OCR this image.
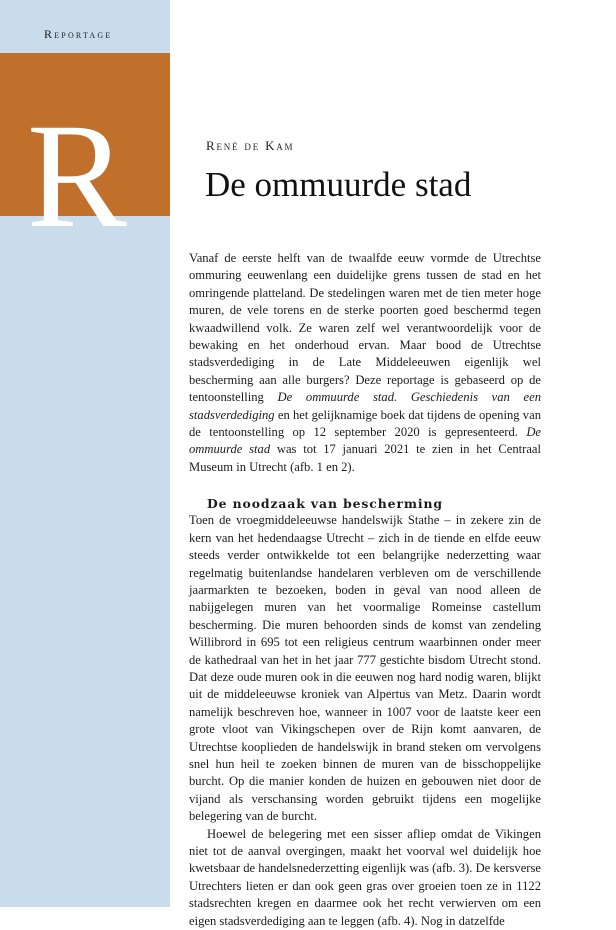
Reportage
R	René de Kam
De ommuurde stad

Vanaf de eerste helft van de twaalfde eeuw vormde de Utrechtse ommuring eeuwenlang een duidelijke grens tussen de stad en het omringende platteland. De stedelingen waren met de tien meter hoge muren, de vele torens en de sterke poorten goed beschermd tegen kwaadwillend volk. Ze waren zelf wel verantwoordelijk voor de bewaking en het onderhoud ervan. Maar bood de Utrechtse stadsverdediging in de Late Middeleeuwen eigenlijk wel bescherming aan alle burgers? Deze reportage is gebaseerd op de tentoonstelling De ommuurde stad. Geschiedenis van een stadsverdediging en het gelijknamige boek dat tijdens de opening van de tentoonstelling op 12 september 2020 is gepresenteerd. De ommuurde stad was tot 17 januari 2021 te zien in het Centraal Museum in Utrecht (afb. 1 en 2).

De noodzaak van bescherming

Toen de vroegmiddeleeuwse handelswijk Stathe – in zekere zin de kern van het hedendaagse Utrecht – zich in de tiende en elfde eeuw steeds verder ontwikkelde tot een belangrijke nederzetting waar regelmatig buitenlandse handelaren verbleven om de verschillende jaarmarkten te bezoeken, boden in geval van nood alleen de nabijgelegen muren van het voormalige Romeinse castellum bescherming. Die muren behoorden sinds de komst van zendeling Willibrord in 695 tot een religieus centrum waarbinnen onder meer de kathedraal van het in het jaar 777 gestichte bisdom Utrecht stond. Dat deze oude muren ook in die eeuwen nog hard nodig waren, blijkt uit de middeleeuwse kroniek van Alpertus van Metz. Daarin wordt namelijk beschreven hoe, wanneer in 1007 voor de laatste keer een grote vloot van Vikingschepen over de Rijn komt aanvaren, de Utrechtse kooplieden de handelswijk in brand steken om vervolgens snel hun heil te zoeken binnen de muren van de bisschoppelijke burcht. Op die manier konden de huizen en gebouwen niet door de vijand als verschansing worden gebruikt tijdens een mogelijke belegering van de burcht.

Hoewel de belegering met een sisser afliep omdat de Vikingen niet tot de aanval overgingen, maakt het voorval wel duidelijk hoe kwetsbaar de handelsnederzetting eigenlijk was (afb. 3). De kersverse Utrechters lieten er dan ook geen gras over groeien toen ze in 1122 stadsrechten kregen en daarmee ook het recht verwierven om een eigen stadsverdediging aan te leggen (afb. 4). Nog in datzelfde
